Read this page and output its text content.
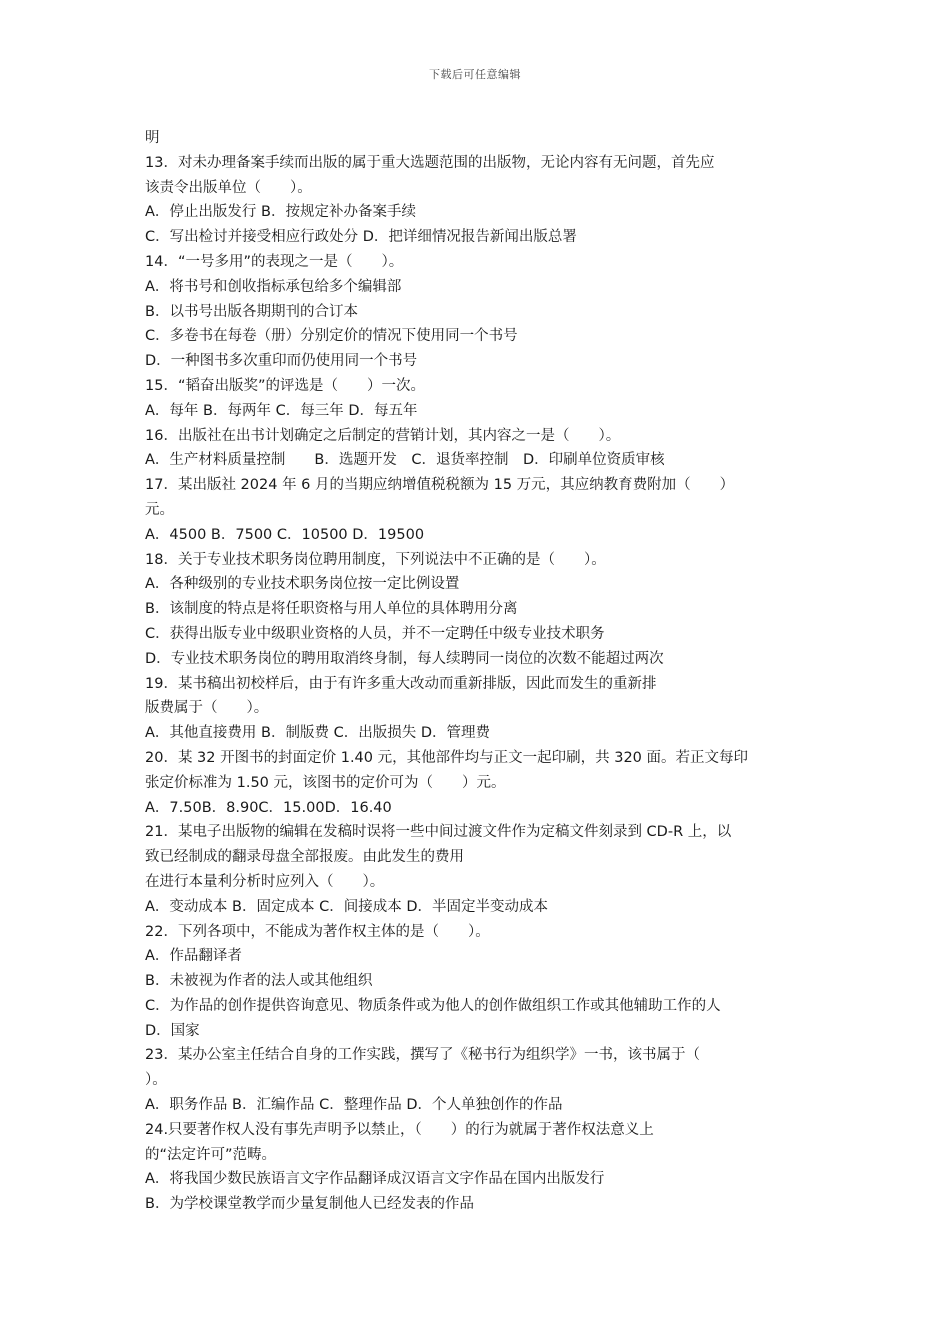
下载后可任意编辑
明
13．对未办理备案手续而出版的属于重大选题范围的出版物，无论内容有无问题，首先应
该责令出版单位（　　）。
A．停止出版发行 B．按规定补办备案手续
C．写出检讨并接受相应行政处分 D．把详细情况报告新闻出版总署
14．“一号多用”的表现之一是（　　）。
A．将书号和创收指标承包给多个编辑部
B．以书号出版各期期刊的合订本
C．多卷书在每卷（册）分别定价的情况下使用同一个书号
D．一种图书多次重印而仍使用同一个书号
15．“韬奋出版奖”的评选是（　　）一次。
A．每年 B．每两年 C．每三年 D．每五年
16．出版社在出书计划确定之后制定的营销计划，其内容之一是（　　）。
A．生产材料质量控制　　B．选题开发　C．退货率控制　D．印刷单位资质审核
17．某出版社 2024 年 6 月的当期应纳增值税税额为 15 万元，其应纳教育费附加（　　）
元。
A．4500 B．7500 C．10500 D．19500
18．关于专业技术职务岗位聘用制度，下列说法中不正确的是（　　）。
A．各种级别的专业技术职务岗位按一定比例设置
B．该制度的特点是将任职资格与用人单位的具体聘用分离
C．获得出版专业中级职业资格的人员，并不一定聘任中级专业技术职务
D．专业技术职务岗位的聘用取消终身制，每人续聘同一岗位的次数不能超过两次
19．某书稿出初校样后，由于有许多重大改动而重新排版，因此而发生的重新排
版费属于（　　）。
A．其他直接费用 B．制版费 C．出版损失 D．管理费
20．某 32 开图书的封面定价 1.40 元，其他部件均与正文一起印刷，共 320 面。若正文每印
张定价标准为 1.50 元，该图书的定价可为（　　）元。
A．7.50B．8.90C．15.00D．16.40
21．某电子出版物的编辑在发稿时误将一些中间过渡文件作为定稿文件刻录到 CD-R 上，以
致已经制成的翻录母盘全部报废。由此发生的费用
在进行本量利分析时应列入（　　）。
A．变动成本 B．固定成本 C．间接成本 D．半固定半变动成本
22．下列各项中，不能成为著作权主体的是（　　）。
A．作品翻译者
B．未被视为作者的法人或其他组织
C．为作品的创作提供咨询意见、物质条件或为他人的创作做组织工作或其他辅助工作的人
D．国家
23．某办公室主任结合自身的工作实践，撰写了《秘书行为组织学》一书，该书属于（
）。
A．职务作品 B．汇编作品 C．整理作品 D．个人单独创作的作品
24.只要著作权人没有事先声明予以禁止，（　　）的行为就属于著作权法意义上
的“法定许可”范畴。
A．将我国少数民族语言文字作品翻译成汉语言文字作品在国内出版发行
B．为学校课堂教学而少量复制他人已经发表的作品
